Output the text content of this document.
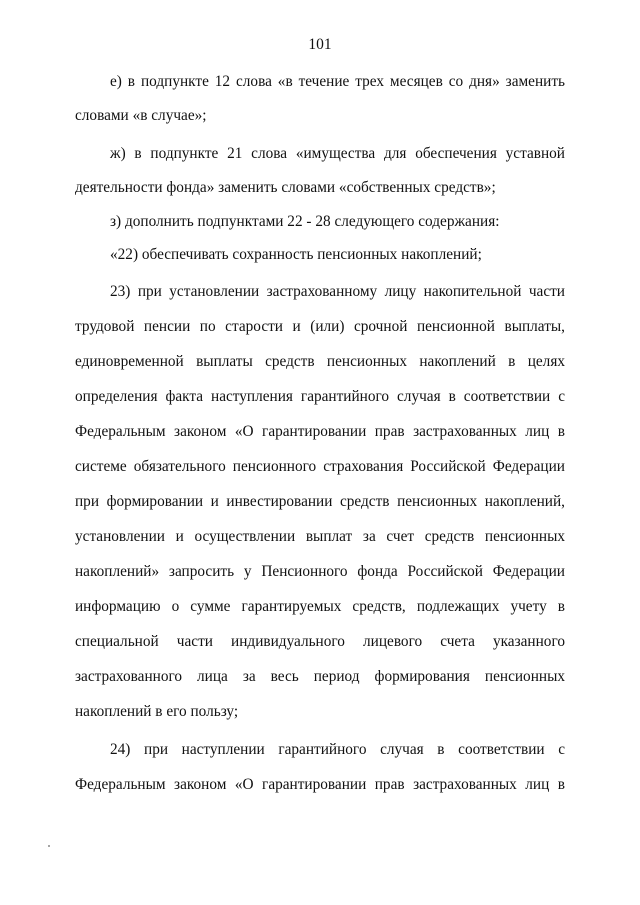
101
е) в подпункте 12 слова «в течение трех месяцев со дня» заменить
словами «в случае»;
ж) в подпункте 21 слова «имущества для обеспечения уставной
деятельности фонда» заменить словами «собственных средств»;
з) дополнить подпунктами 22 - 28 следующего содержания:
«22) обеспечивать сохранность пенсионных накоплений;
23) при установлении застрахованному лицу накопительной части
трудовой пенсии по старости и (или) срочной пенсионной выплаты,
единовременной выплаты средств пенсионных накоплений в целях
определения факта наступления гарантийного случая в соответствии с
Федеральным законом «О гарантировании прав застрахованных лиц в
системе обязательного пенсионного страхования Российской Федерации
при формировании и инвестировании средств пенсионных накоплений,
установлении и осуществлении выплат за счет средств пенсионных
накоплений» запросить у Пенсионного фонда Российской Федерации
информацию о сумме гарантируемых средств, подлежащих учету в
специальной части индивидуального лицевого счета указанного
застрахованного лица за весь период формирования пенсионных
накоплений в его пользу;
24) при наступлении гарантийного случая в соответствии с
Федеральным законом «О гарантировании прав застрахованных лиц в
